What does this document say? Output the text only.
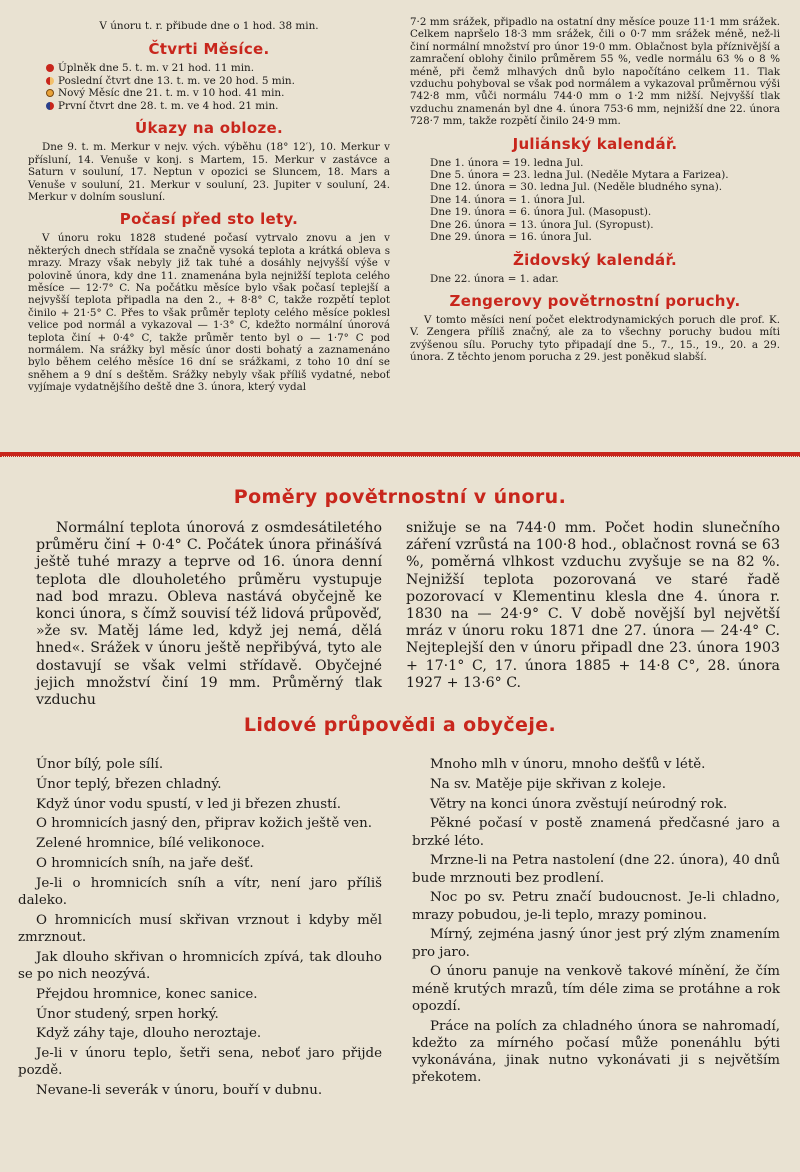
V únoru t. r. přibude dne o 1 hod. 38 min.
Čtvrti Měsíce.
Úplněk dne 5. t. m. v 21 hod. 11 min.
Poslední čtvrt dne 13. t. m. ve 20 hod. 5 min.
Nový Měsíc dne 21. t. m. v 10 hod. 41 min.
První čtvrt dne 28. t. m. ve 4 hod. 21 min.
Úkazy na obloze.

Dne 9. t. m. Merkur v nejv. vých. výběhu (18° 12′), 10. Merkur v přísluní, 14. Venuše v konj. s Martem, 15. Merkur v zastávce a Saturn v souluní, 17. Neptun v opozici se Sluncem, 18. Mars a Venuše v souluní, 21. Merkur v souluní, 23. Jupiter v souluní, 24. Merkur v dolním sousluní.

Počasí před sto lety.

V únoru roku 1828 studené počasí vytrvalo znovu a jen v některých dnech střídala se značně vysoká teplota a krátká obleva s mrazy. Mrazy však nebyly již tak tuhé a dosáhly nejvyšší výše v polovině února, kdy dne 11. znamenána byla nejnižší teplota celého měsíce — 12·7° C. Na počátku měsíce bylo však počasí teplejší a nejvyšší teplota připadla na den 2., + 8·8° C, takže rozpětí teplot činilo + 21·5° C. Přes to však průměr teploty celého měsíce poklesl velice pod normál a vykazoval — 1·3° C, kdežto normální únorová teplota činí + 0·4° C, takže průměr tento byl o — 1·7° C pod normálem. Na srážky byl měsíc únor dosti bohatý a zaznamenáno bylo během celého měsíce 16 dní se srážkami, z toho 10 dní se sněhem a 9 dní s deštěm. Srážky nebyly však příliš vydatné, neboť vyjímaje vydatnějšího deště dne 3. února, který vydal

7·2 mm srážek, připadlo na ostatní dny měsíce pouze 11·1 mm srážek. Celkem napršelo 18·3 mm srážek, čili o 0·7 mm srážek méně, než-li činí normální množství pro únor 19·0 mm. Oblačnost byla příznivější a zamračení oblohy činilo průměrem 55 %, vedle normálu 63 % o 8 % méně, při čemž mlhavých dnů bylo napočítáno celkem 11. Tlak vzduchu pohyboval se však pod normálem a vykazoval průměrnou výši 742·8 mm, vůči normálu 744·0 mm o 1·2 mm nižší. Nejvyšší tlak vzduchu znamenán byl dne 4. února 753·6 mm, nejnižší dne 22. února 728·7 mm, takže rozpětí činilo 24·9 mm.

Juliánský kalendář.
Dne 1. února = 19. ledna Jul.
Dne 5. února = 23. ledna Jul. (Neděle Mytara a Farizea).
Dne 12. února = 30. ledna Jul. (Neděle bludného syna).
Dne 14. února = 1. února Jul.
Dne 19. února = 6. února Jul. (Masopust).
Dne 26. února = 13. února Jul. (Syropust).
Dne 29. února = 16. února Jul.
Židovský kalendář.

Dne 22. února = 1. adar.

Zengerovy povětrnostní poruchy.

V tomto měsíci není počet elektrodynamických poruch dle prof. K. V. Zengera příliš značný, ale za to všechny poruchy budou míti zvýšenou sílu. Poruchy tyto připadají dne 5., 7., 15., 19., 20. a 29. února. Z těchto jenom porucha z 29. jest poněkud slabší.

Poměry povětrnostní v únoru.

Normální teplota únorová z osmdesátiletého průměru činí + 0·4° C. Počátek února přinášívá ještě tuhé mrazy a teprve od 16. února denní teplota dle dlouholetého průměru vystupuje nad bod mrazu. Obleva nastává obyčejně ke konci února, s čímž souvisí též lidová průpověď, »že sv. Matěj láme led, když jej nemá, dělá hned«. Srážek v únoru ještě nepřibývá, tyto ale dostavují se však velmi střídavě. Obyčejné jejich množství činí 19 mm. Průměrný tlak vzduchu

snižuje se na 744·0 mm. Počet hodin slunečního záření vzrůstá na 100·8 hod., oblačnost rovná se 63 %, poměrná vlhkost vzduchu zvyšuje se na 82 %. Nejnižší teplota pozorovaná ve staré řadě pozorovací v Klementinu klesla dne 4. února r. 1830 na — 24·9° C. V době novější byl největší mráz v únoru roku 1871 dne 27. února — 24·4° C. Nejteplejší den v únoru připadl dne 23. února 1903 + 17·1° C, 17. února 1885 + 14·8 C°, 28. února 1927 + 13·6° C.

Lidové průpovědi a obyčeje.

Únor bílý, pole sílí.

Únor teplý, březen chladný.

Když únor vodu spustí, v led ji březen zhustí.

O hromnicích jasný den, připrav kožich ještě ven.

Zelené hromnice, bílé velikonoce.

O hromnicích sníh, na jaře dešť.

Je-li o hromnicích sníh a vítr, není jaro příliš daleko.

O hromnicích musí skřivan vrznout i kdyby měl zmrznout.

Jak dlouho skřivan o hromnicích zpívá, tak dlouho se po nich neozývá.

Přejdou hromnice, konec sanice.

Únor studený, srpen horký.

Když záhy taje, dlouho neroztaje.

Je-li v únoru teplo, šetři sena, neboť jaro přijde pozdě.

Nevane-li severák v únoru, bouří v dubnu.

Mnoho mlh v únoru, mnoho dešťů v létě.

Na sv. Matěje pije skřivan z koleje.

Větry na konci února zvěstují neúrodný rok.

Pěkné počasí v postě znamená předčasné jaro a brzké léto.

Mrzne-li na Petra nastolení (dne 22. února), 40 dnů bude mrznouti bez prodlení.

Noc po sv. Petru značí budoucnost. Je-li chladno, mrazy pobudou, je-li teplo, mrazy pominou.

Mírný, zejména jasný únor jest prý zlým znamením pro jaro.

O únoru panuje na venkově takové mínění, že čím méně krutých mrazů, tím déle zima se protáhne a rok opozdí.

Práce na polích za chladného února se nahromadí, kdežto za mírného počasí může ponenáhlu býti vykonávána, jinak nutno vykonávati ji s největším překotem.
